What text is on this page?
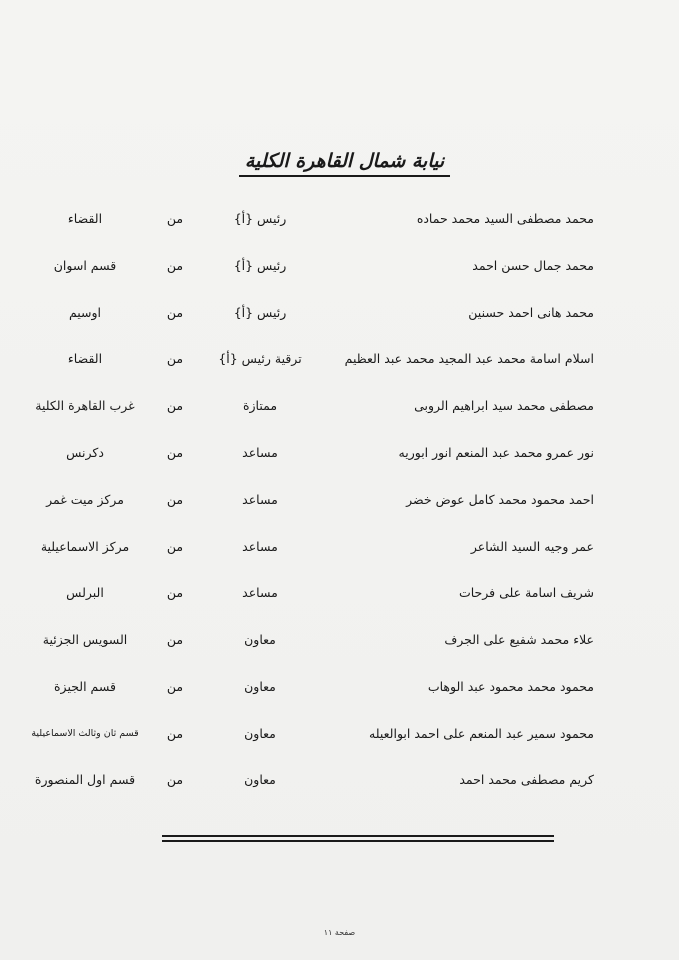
نيابة شمال القاهرة الكلية
محمد مصطفى السيد محمد حماده
رئيس {أ}
من
القضاء
محمد جمال حسن احمد
رئيس {أ}
من
قسم اسوان
محمد هانى احمد حسنين
رئيس {أ}
من
اوسيم
اسلام اسامة محمد عبد المجيد محمد عبد العظيم
ترقية رئيس {أ}
من
القضاء
مصطفى محمد سيد ابراهيم الروبى
ممتازة
من
غرب القاهرة الكلية
نور عمرو محمد عبد المنعم انور ابوريه
مساعد
من
دكرنس
احمد محمود محمد كامل عوض خضر
مساعد
من
مركز ميت غمر
عمر وجيه السيد الشاعر
مساعد
من
مركز الاسماعيلية
شريف اسامة على فرحات
مساعد
من
البرلس
علاء محمد شفيع على الجرف
معاون
من
السويس الجزئية
محمود محمد محمود عبد الوهاب
معاون
من
قسم الجيزة
محمود سمير عبد المنعم على احمد ابوالعيله
معاون
من
قسم ثان وثالث الاسماعيلية
كريم مصطفى محمد احمد
معاون
من
قسم اول المنصورة
صفحة ١١
